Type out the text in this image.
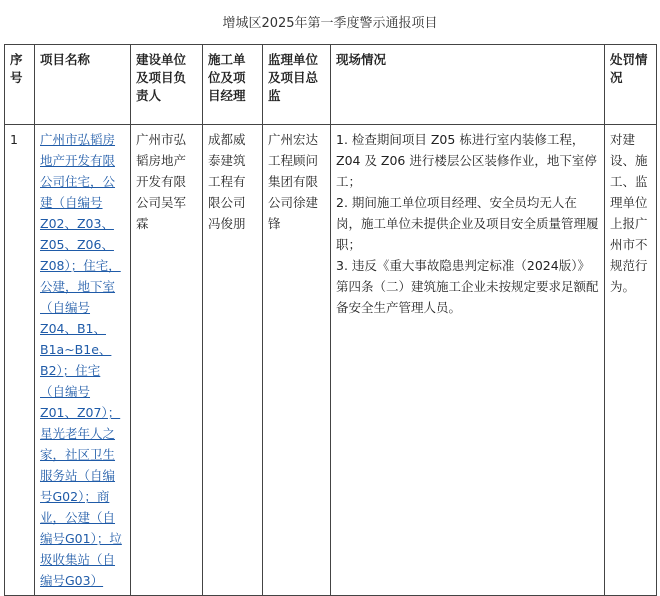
增城区2025年第一季度警示通报项目
序号	项目名称	建设单位及项目负责人	施工单位及项目经理	监理单位及项目总监	现场情况	处罚情况
1	广州市弘韬房地产开发有限公司住宅，公建（自编号Z02、Z03、Z05、Z06、Z08）；住宅，公建，地下室（自编号Z04、B1、B1a~B1e、B2）；住宅（自编号Z01、Z07）；星光老年人之家，社区卫生服务站（自编号G02）；商业，公建（自编号G01）；垃圾收集站（自编号G03）	广州市弘韬房地产开发有限公司吴军霖	成都威泰建筑工程有限公司冯俊朋	广州宏达工程顾问集团有限公司徐建锋	1. 检查期间项目 Z05 栋进行室内装修工程，Z04 及 Z06 进行楼层公区装修作业，地下室停工；
2. 期间施工单位项目经理、安全员均无人在岗，施工单位未提供企业及项目安全质量管理履职；
3. 违反《重大事故隐患判定标准（2024版）》第四条（二）建筑施工企业未按规定要求足额配备安全生产管理人员。	对建设、施工、监理单位上报广州市不规范行为。
